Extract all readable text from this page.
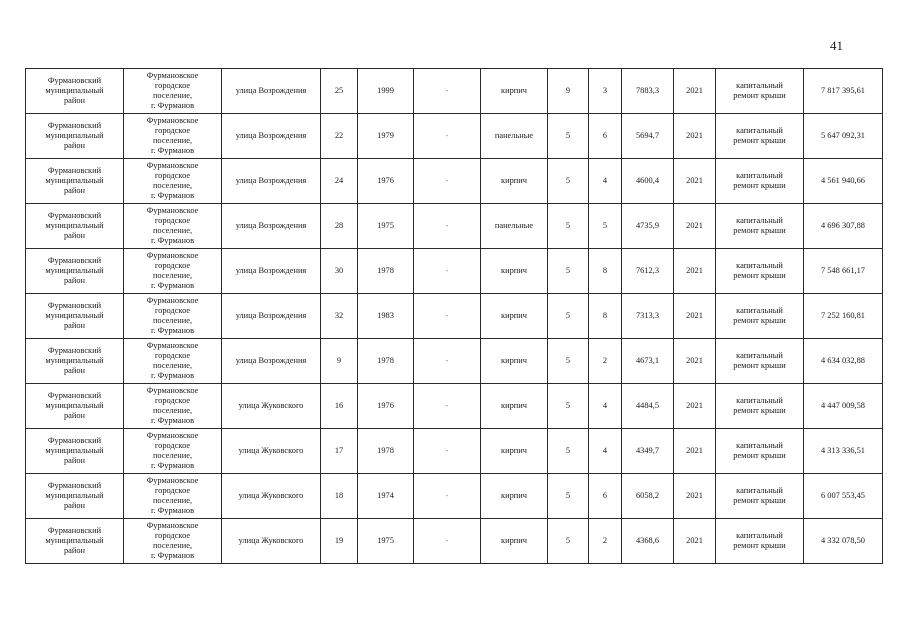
41
Фурмановский
муниципальный
район	Фурмановское
городское
поселение,
г. Фурманов	улица Возрождения	25	1999	-	кирпич	9	3	7883,3	2021	капитальный
ремонт крыши	7 817 395,61

Фурмановский
муниципальный
район	Фурмановское
городское
поселение,
г. Фурманов	улица Возрождения	22	1979	-	панельные	5	6	5694,7	2021	капитальный
ремонт крыши	5 647 092,31

Фурмановский
муниципальный
район	Фурмановское
городское
поселение,
г. Фурманов	улица Возрождения	24	1976	-	кирпич	5	4	4600,4	2021	капитальный
ремонт крыши	4 561 940,66

Фурмановский
муниципальный
район	Фурмановское
городское
поселение,
г. Фурманов	улица Возрождения	28	1975	-	панельные	5	5	4735,9	2021	капитальный
ремонт крыши	4 696 307,88

Фурмановский
муниципальный
район	Фурмановское
городское
поселение,
г. Фурманов	улица Возрождения	30	1978	-	кирпич	5	8	7612,3	2021	капитальный
ремонт крыши	7 548 661,17

Фурмановский
муниципальный
район	Фурмановское
городское
поселение,
г. Фурманов	улица Возрождения	32	1983	-	кирпич	5	8	7313,3	2021	капитальный
ремонт крыши	7 252 160,81

Фурмановский
муниципальный
район	Фурмановское
городское
поселение,
г. Фурманов	улица Возрождения	9	1978	-	кирпич	5	2	4673,1	2021	капитальный
ремонт крыши	4 634 032,88

Фурмановский
муниципальный
район	Фурмановское
городское
поселение,
г. Фурманов	улица Жуковского	16	1976	-	кирпич	5	4	4484,5	2021	капитальный
ремонт крыши	4 447 009,58

Фурмановский
муниципальный
район	Фурмановское
городское
поселение,
г. Фурманов	улица Жуковского	17	1978	-	кирпич	5	4	4349,7	2021	капитальный
ремонт крыши	4 313 336,51

Фурмановский
муниципальный
район	Фурмановское
городское
поселение,
г. Фурманов	улица Жуковского	18	1974	-	кирпич	5	6	6058,2	2021	капитальный
ремонт крыши	6 007 553,45

Фурмановский
муниципальный
район	Фурмановское
городское
поселение,
г. Фурманов	улица Жуковского	19	1975	-	кирпич	5	2	4368,6	2021	капитальный
ремонт крыши	4 332 078,50
